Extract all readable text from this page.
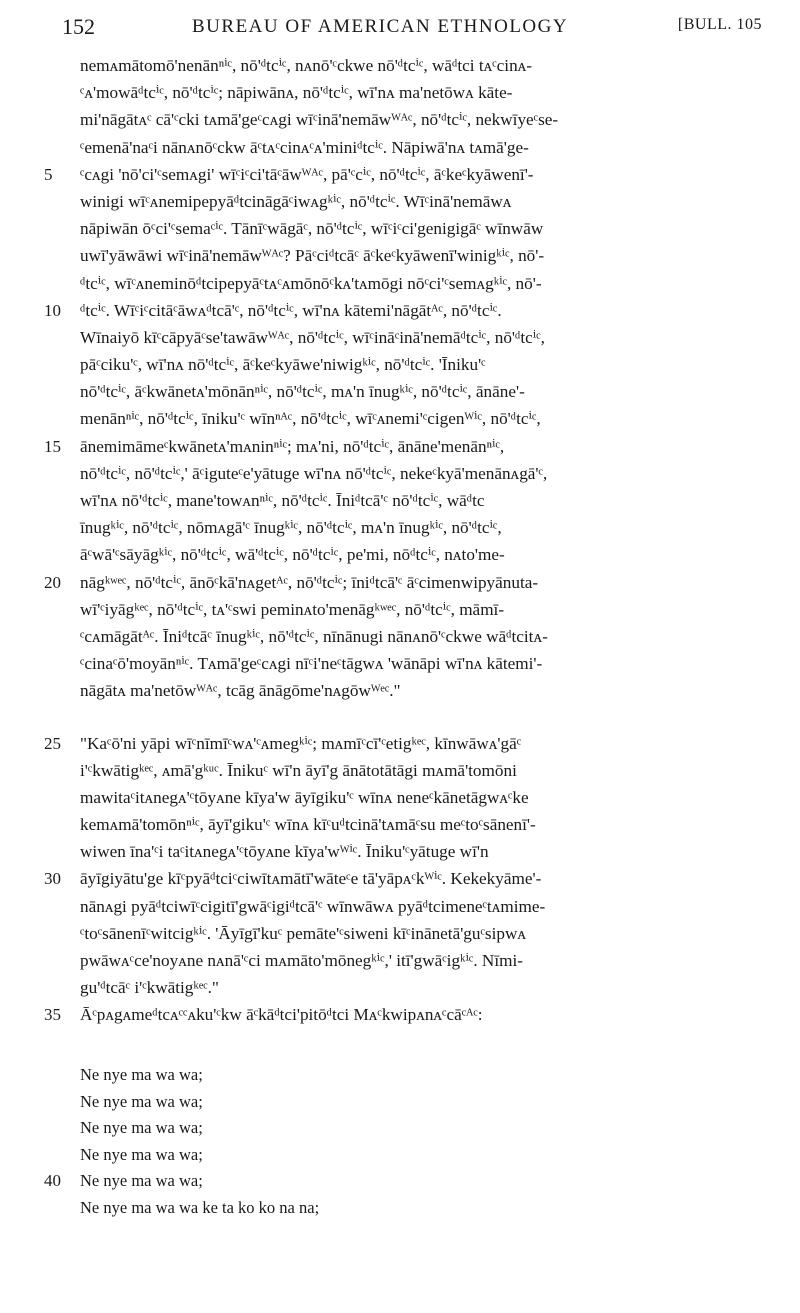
152	BUREAU OF AMERICAN ETHNOLOGY	[BULL. 105
nemᴀmātomō'nenānⁿⁱᶜ, nō'ᵈtcⁱᶜ, nᴀnō'ᶜckwe nō'ᵈtcⁱᶜ, wāᵈtci tᴀᶜcinᴀ-
ᶜᴀ'mowāᵈtcⁱᶜ, nō'ᵈtcⁱᶜ; nāpiwānᴀ, nō'ᵈtcⁱᶜ, wī'nᴀ ma'netōwᴀ kāte-
mi'nāgātᴀᶜ cā'ᶜcki tᴀmā'geᶜcᴀgi wīᶜinā'nemāwᵂᴬᶜ, nō'ᵈtcⁱᶜ, nekwīyeᶜse-
ᶜemenā'naᶜi nānᴀnōᶜckw āᶜtᴀᶜcinᴀᶜᴀ'miniᵈtcⁱᶜ. Nāpiwā'nᴀ tᴀmā'ge-
5	ᶜcᴀgi 'nō'ci'ᶜsemᴀgi' wīᶜiᶜci'tāᶜāwᵂᴬᶜ, pā'ᶜcⁱᶜ, nō'ᵈtcⁱᶜ, āᶜkeᶜkyāwenī'-
winigi wīᶜᴀnemipepyāᵈtcināgāᶜiwᴀgᵏⁱᶜ, nō'ᵈtcⁱᶜ. Wīᶜinā'nemāwᴀ
nāpiwān ōᶜci'ᶜsemaᶜⁱᶜ. Tānīᶜwāgāᶜ, nō'ᵈtcⁱᶜ, wīᶜiᶜci'genigigāᶜ wīnwāw
uwī'yāwāwi wīᶜinā'nemāwᵂᴬᶜ? Pāᶜciᵈtcāᶜ āᶜkeᶜkyāwenī'winigᵏⁱᶜ, nō'-
ᵈtcⁱᶜ, wīᶜᴀneminōᵈtcipepyāᶜtᴀᶜᴀmōnōᶜkᴀ'tᴀmōgi nōᶜci'ᶜsemᴀgᵏⁱᶜ, nō'-
10	ᵈtcⁱᶜ. Wīᶜiᶜcitāᶜāwᴀᵈtcā'ᶜ, nō'ᵈtcⁱᶜ, wī'nᴀ kātemi'nāgātᴬᶜ, nō'ᵈtcⁱᶜ.
Wīnaiyō kīᶜcāpyāᶜse'tawāwᵂᴬᶜ, nō'ᵈtcⁱᶜ, wīᶜināᶜinā'nemāᵈtcⁱᶜ, nō'ᵈtcⁱᶜ,
pāᶜciku'ᶜ, wī'nᴀ nō'ᵈtcⁱᶜ, āᶜkeᶜkyāwe'niwigᵏⁱᶜ, nō'ᵈtcⁱᶜ. 'Īniku'ᶜ
nō'ᵈtcⁱᶜ, āᶜkwānetᴀ'mōnānⁿⁱᶜ, nō'ᵈtcⁱᶜ, mᴀ'n īnugᵏⁱᶜ, nō'ᵈtcⁱᶜ, ānāne'-
menānⁿⁱᶜ, nō'ᵈtcⁱᶜ, īniku'ᶜ wīnⁿᴬᶜ, nō'ᵈtcⁱᶜ, wīᶜᴀnemi'ᶜcigenᵂⁱᶜ, nō'ᵈtcⁱᶜ,
15	ānemimāmeᶜkwānetᴀ'mᴀninⁿⁱᶜ; mᴀ'ni, nō'ᵈtcⁱᶜ, ānāne'menānⁿⁱᶜ,
nō'ᵈtcⁱᶜ, nō'ᵈtcⁱᶜ,' āᶜiguteᶜe'yātuge wī'nᴀ nō'ᵈtcⁱᶜ, nekeᶜkyā'menānᴀgā'ᶜ,
wī'nᴀ nō'ᵈtcⁱᶜ, mane'towᴀnⁿⁱᶜ, nō'ᵈtcⁱᶜ. Īniᵈtcā'ᶜ nō'ᵈtcⁱᶜ, wāᵈtc
īnugᵏⁱᶜ, nō'ᵈtcⁱᶜ, nōmᴀgā'ᶜ īnugᵏⁱᶜ, nō'ᵈtcⁱᶜ, mᴀ'n īnugᵏⁱᶜ, nō'ᵈtcⁱᶜ,
āᶜwā'ᶜsāyāgᵏⁱᶜ, nō'ᵈtcⁱᶜ, wā'ᵈtcⁱᶜ, nō'ᵈtcⁱᶜ, pe'mi, nōᵈtcⁱᶜ, nᴀto'me-
20	nāgᵏʷᵉᶜ, nō'ᵈtcⁱᶜ, ānōᶜkā'nᴀgetᴬᶜ, nō'ᵈtcⁱᶜ; īniᵈtcā'ᶜ āᶜcimenwipyānuta-
wī'ᶜiyāgᵏᵉᶜ, nō'ᵈtcⁱᶜ, tᴀ'ᶜswi peminᴀto'menāgᵏʷᵉᶜ, nō'ᵈtcⁱᶜ, māmī-
ᶜcᴀmāgātᴬᶜ. Īniᵈtcāᶜ īnugᵏⁱᶜ, nō'ᵈtcⁱᶜ, nīnānugi nānᴀnō'ᶜckwe wāᵈtcitᴀ-
ᶜcinaᶜō'moyānⁿⁱᶜ. Tᴀmā'geᶜcᴀgi nīᶜi'neᶜtāgwᴀ 'wānāpi wī'nᴀ kātemi'-
nāgātᴀ ma'netōwᵂᴬᶜ, tcāg ānāgōme'nᴀgōwᵂᵉᶜ."
25	"Kaᶜō'ni yāpi wīᶜnīmīᶜwᴀ'ᶜᴀmegᵏⁱᶜ; mᴀmīᶜcī'ᶜetigᵏᵉᶜ, kīnwāwᴀ'gāᶜ
i'ᶜkwātigᵏᵉᶜ, ᴀmā'gᵏᵘᶜ. Īnikuᶜ wī'n āyī'g ānātotātāgi mᴀmā'tomōni
mawitaᶜitᴀnegᴀ'ᶜtōyᴀne kīya'w āyīgiku'ᶜ wīnᴀ neneᶜkānetāgwᴀᶜke
kemᴀmā'tomōnⁿⁱᶜ, āyī'giku'ᶜ wīnᴀ kīᶜuᵈtcinā'tᴀmāᶜsu meᶜtoᶜsānenī'-
wiwen īna'ᶜi taᶜitᴀnegᴀ'ᶜtōyᴀne kīya'wᵂⁱᶜ. Īniku'ᶜyātuge wī'n
30	āyīgiyātu'ge kīᶜpyāᵈtciᶜciwītᴀmātī'wāteᶜe tā'yāpᴀᶜkᵂⁱᶜ. Kekekyāme'-
nānᴀgi pyāᵈtciwīᶜcigitī'gwāᶜigiᵈtcā'ᶜ wīnwāwᴀ pyāᵈtcimeneᶜtᴀmime-
ᶜtoᶜsānenīᶜwitcigᵏⁱᶜ. 'Āyīgī'kuᶜ pemāte'ᶜsiweni kīᶜinānetā'guᶜsipwᴀ
pwāwᴀᶜce'noyᴀne nᴀnā'ᶜci mᴀmāto'mōnegᵏⁱᶜ,' itī'gwāᶜigᵏⁱᶜ. Nīmi-
gu'ᵈtcāᶜ i'ᶜkwātigᵏᵉᶜ."
35	Āᶜpᴀgᴀmeᵈtcᴀᶜᶜᴀku'ᶜkw āᶜkāᵈtci'pitōᵈtci Mᴀᶜkwipᴀnᴀᶜcāᶜᴬᶜ:
Ne nye ma wa wa;
Ne nye ma wa wa;
Ne nye ma wa wa;
Ne nye ma wa wa;
40	Ne nye ma wa wa;
Ne nye ma wa wa ke ta ko ko na na;
